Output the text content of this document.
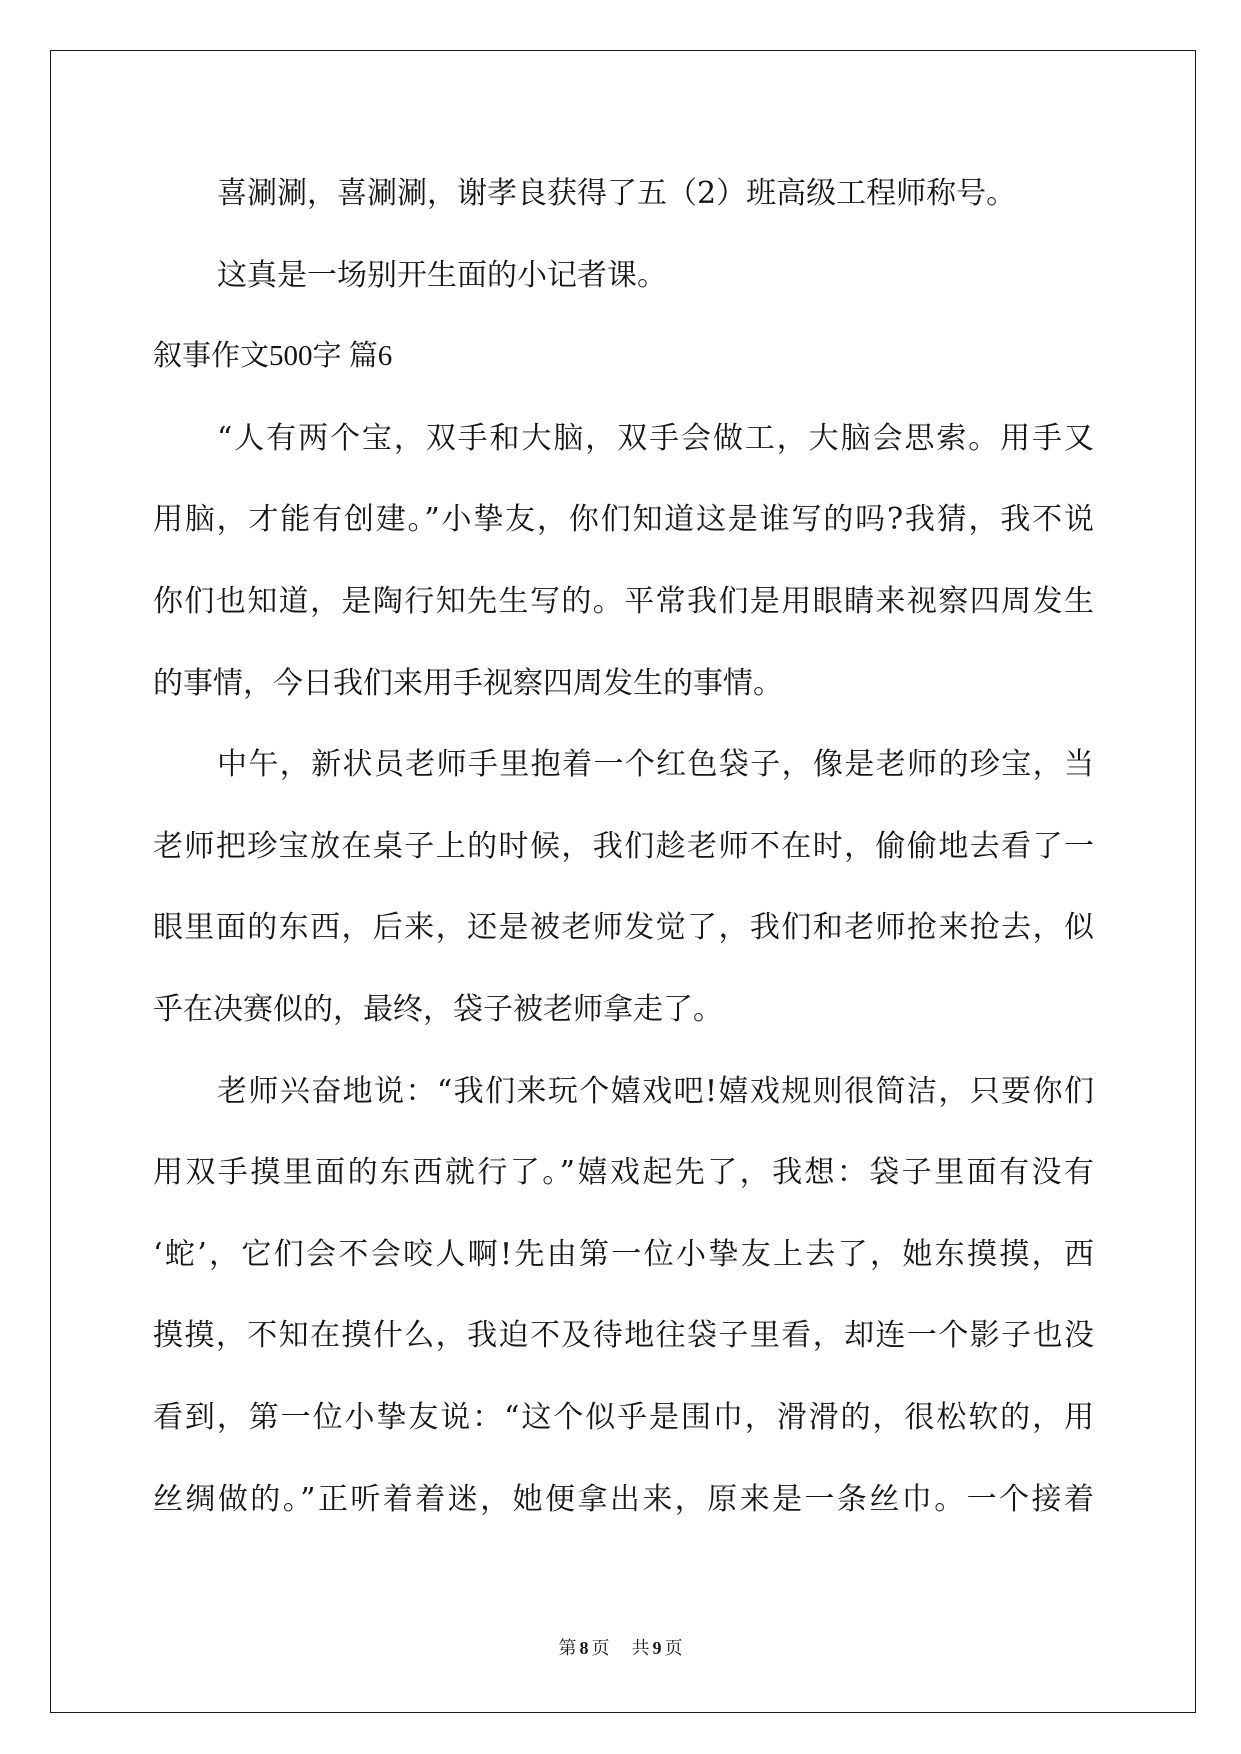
喜涮涮，喜涮涮，谢孝良获得了五（2）班高级工程师称号。
这真是一场别开生面的小记者课。
叙事作文500字 篇6
“人有两个宝，双手和大脑，双手会做工，大脑会思索。用手又
用脑，才能有创建。”小挚友，你们知道这是谁写的吗?我猜，我不说
你们也知道，是陶行知先生写的。平常我们是用眼睛来视察四周发生
的事情，今日我们来用手视察四周发生的事情。
中午，新状员老师手里抱着一个红色袋子，像是老师的珍宝，当
老师把珍宝放在桌子上的时候，我们趁老师不在时，偷偷地去看了一
眼里面的东西，后来，还是被老师发觉了，我们和老师抢来抢去，似
乎在决赛似的，最终，袋子被老师拿走了。
老师兴奋地说：“我们来玩个嬉戏吧!嬉戏规则很简洁，只要你们
用双手摸里面的东西就行了。”嬉戏起先了，我想：袋子里面有没有
‘蛇’，它们会不会咬人啊!先由第一位小挚友上去了，她东摸摸，西
摸摸，不知在摸什么，我迫不及待地往袋子里看，却连一个影子也没
看到，第一位小挚友说：“这个似乎是围巾，滑滑的，很松软的，用
丝绸做的。”正听着着迷，她便拿出来，原来是一条丝巾。一个接着
第 8 页 共 9 页
